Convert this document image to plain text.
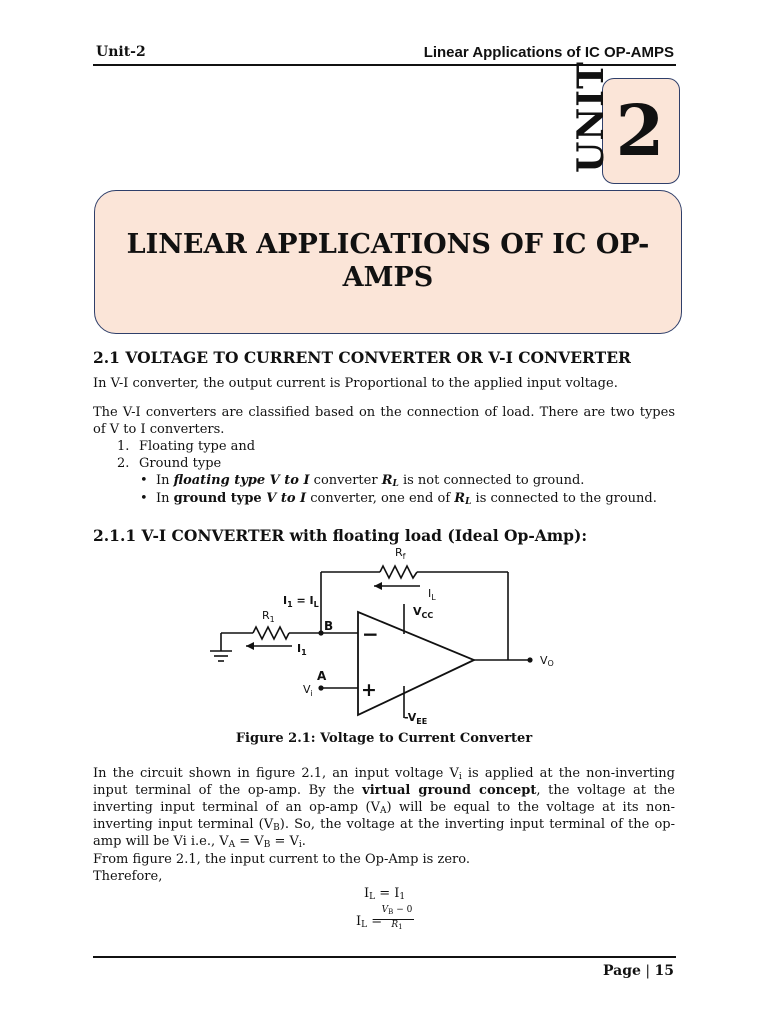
Unit-2	Linear Applications of IC OP-AMPS
2
UNIT
LINEAR APPLICATIONS OF IC OP-AMPS
2.1 VOLTAGE TO CURRENT CONVERTER OR V-I CONVERTER
In V-I converter, the output current is Proportional to the applied input voltage.
The V-I converters are classified based on the connection of load. There are two types of V to I converters.
1. Floating type and
2. Ground type
• In floating type V to I converter $R_L$ is not connected to ground.
• In ground type V to I converter, one end of $R_L$ is connected to the ground.
2.1.1 V-I CONVERTER with floating load (Ideal Op-Amp):
$R_f$
$I_L$
$I_1 = I_L$
$V_{CC}$
$R_1$	B −
$I_1$
VO
A
$V_i$	+
$-V_{EE}$
Figure 2.1: Voltage to Current Converter
In the circuit shown in figure 2.1, an input voltage $V_i$ is applied at the non-inverting
input terminal of the op-amp. By the virtual ground concept, the voltage at the
inverting input terminal of an op-amp $(V_A)$ will be equal to the voltage at its non-
inverting input terminal $(V_B)$. So, the voltage at the inverting input terminal of the op-
amp will be Vi i.e., $V_A = V_B = V_i$.
From figure 2.1, the input current to the Op-Amp is zero.
Therefore,
$I_L = I_1$
$I_L$ =
$\frac{V_B - 0}{R_1}$
Page | 15
